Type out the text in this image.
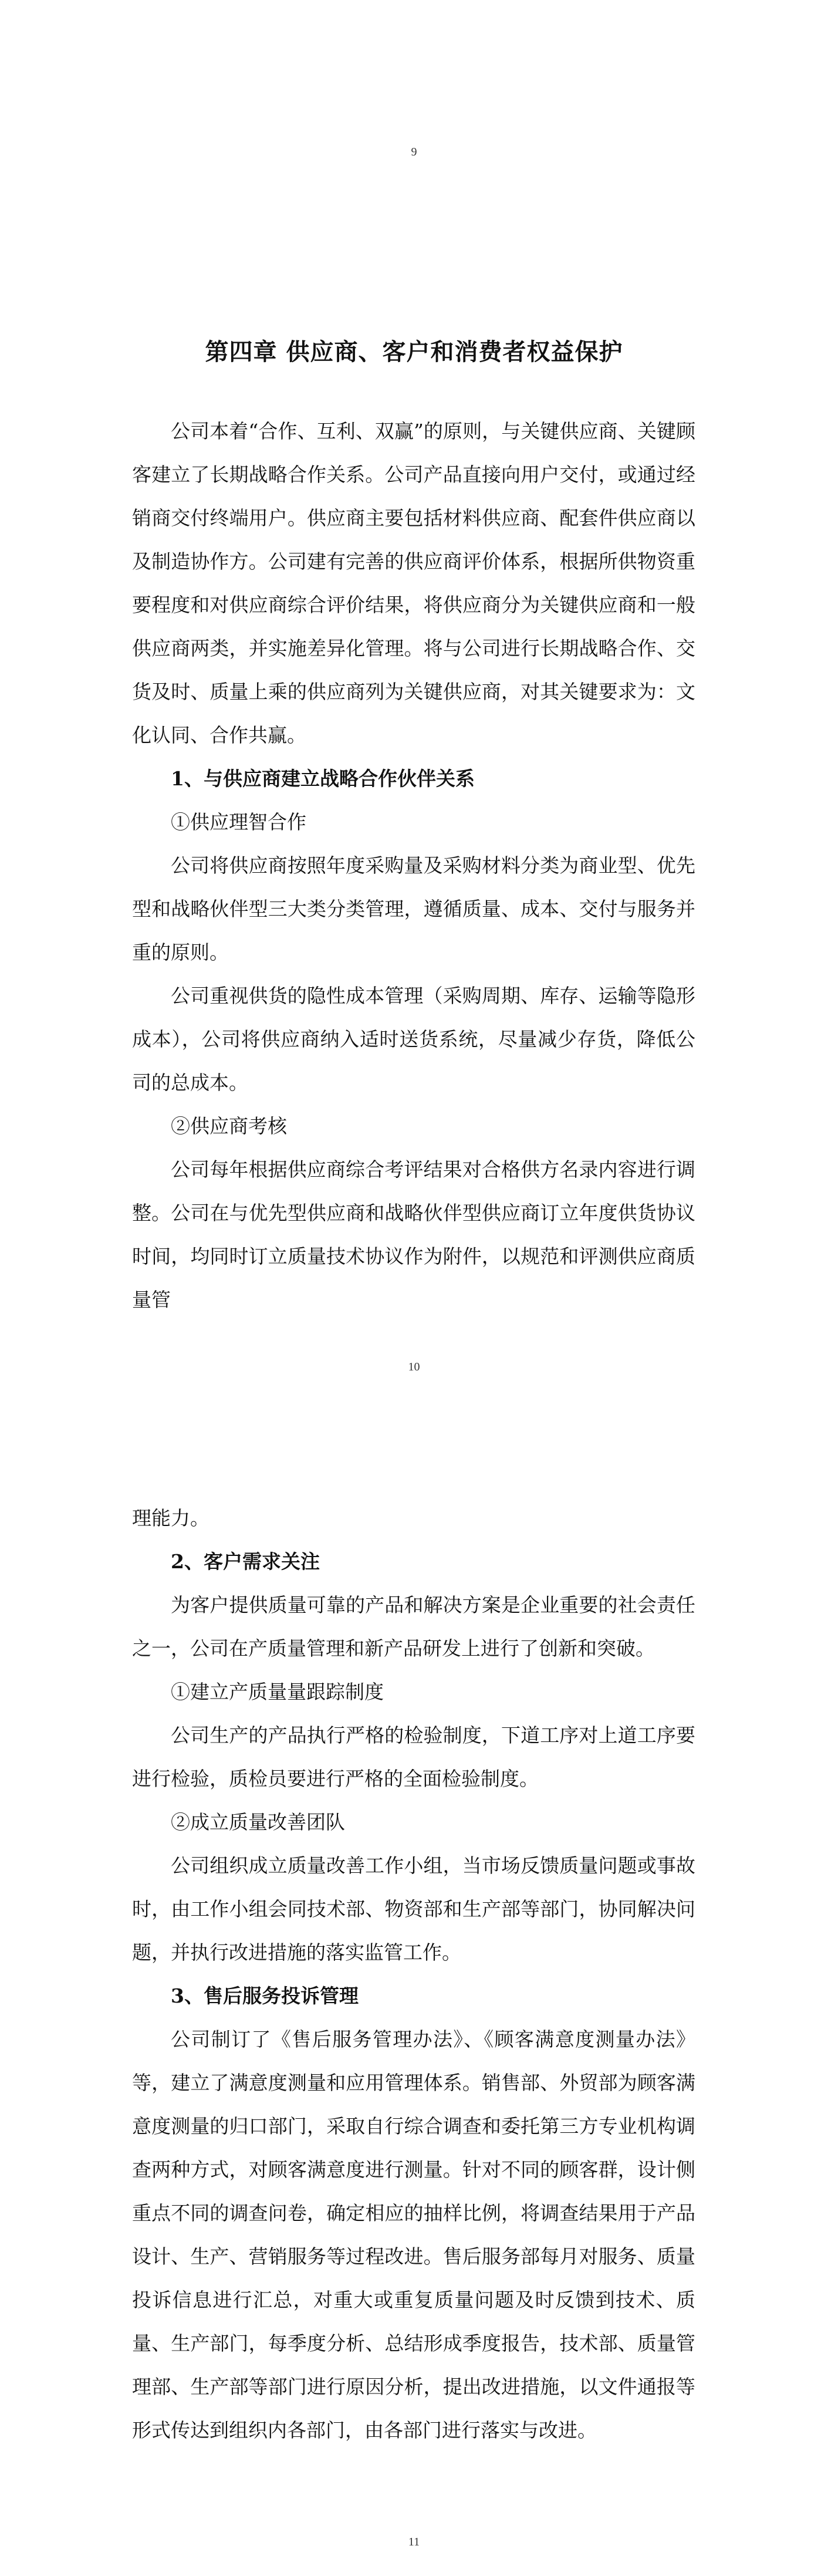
9
第四章 供应商、客户和消费者权益保护

公司本着“合作、互利、双赢”的原则，与关键供应商、关键顾客建立了长期战略合作关系。公司产品直接向用户交付，或通过经销商交付终端用户。供应商主要包括材料供应商、配套件供应商以及制造协作方。公司建有完善的供应商评价体系，根据所供物资重要程度和对供应商综合评价结果，将供应商分为关键供应商和一般供应商两类，并实施差异化管理。将与公司进行长期战略合作、交货及时、质量上乘的供应商列为关键供应商，对其关键要求为：文化认同、合作共赢。

1、与供应商建立战略合作伙伴关系

①供应理智合作

公司将供应商按照年度采购量及采购材料分类为商业型、优先型和战略伙伴型三大类分类管理，遵循质量、成本、交付与服务并重的原则。

公司重视供货的隐性成本管理（采购周期、库存、运输等隐形成本），公司将供应商纳入适时送货系统，尽量减少存货，降低公司的总成本。

②供应商考核

公司每年根据供应商综合考评结果对合格供方名录内容进行调整。公司在与优先型供应商和战略伙伴型供应商订立年度供货协议时间，均同时订立质量技术协议作为附件，以规范和评测供应商质量管

10

理能力。

2、客户需求关注

为客户提供质量可靠的产品和解决方案是企业重要的社会责任之一，公司在产质量管理和新产品研发上进行了创新和突破。

①建立产质量量跟踪制度

公司生产的产品执行严格的检验制度，下道工序对上道工序要进行检验，质检员要进行严格的全面检验制度。

②成立质量改善团队

公司组织成立质量改善工作小组，当市场反馈质量问题或事故时，由工作小组会同技术部、物资部和生产部等部门，协同解决问题，并执行改进措施的落实监管工作。

3、售后服务投诉管理

公司制订了《售后服务管理办法》、《顾客满意度测量办法》等，建立了满意度测量和应用管理体系。销售部、外贸部为顾客满意度测量的归口部门，采取自行综合调查和委托第三方专业机构调查两种方式，对顾客满意度进行测量。针对不同的顾客群，设计侧重点不同的调查问卷，确定相应的抽样比例，将调查结果用于产品设计、生产、营销服务等过程改进。售后服务部每月对服务、质量投诉信息进行汇总，对重大或重复质量问题及时反馈到技术、质量、生产部门，每季度分析、总结形成季度报告，技术部、质量管理部、生产部等部门进行原因分析，提出改进措施，以文件通报等形式传达到组织内各部门，由各部门进行落实与改进。

11
